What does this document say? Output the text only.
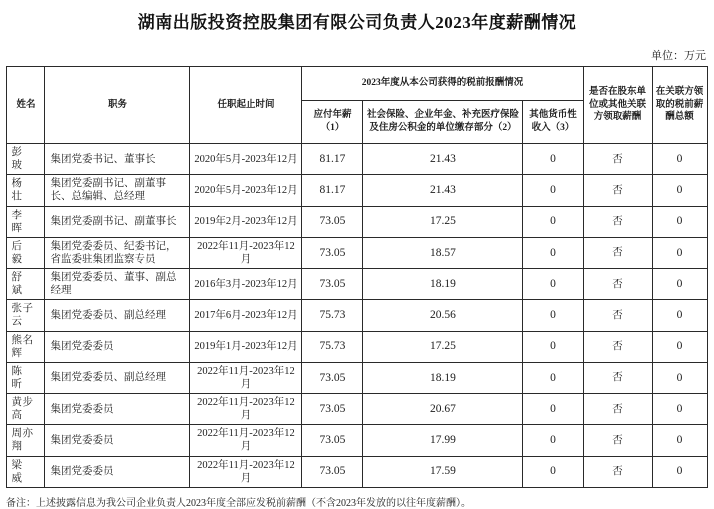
湖南出版投资控股集团有限公司负责人2023年度薪酬情况
单位：万元
姓名	职务	任职起止时间	2023年度从本公司获得的税前报酬情况			是否在股东单位或其他关联方领取薪酬	在关联方领取的税前薪酬总额
			应付年薪（1）	社会保险、企业年金、补充医疗保险及住房公积金的单位缴存部分（2）	其他货币性收入（3）		
彭　玻	集团党委书记、董事长	2020年5月-2023年12月	81.17	21.43	0	否	0
杨　壮	集团党委副书记、副董事长、总编辑、总经理	2020年5月-2023年12月	81.17	21.43	0	否	0
李　晖	集团党委副书记、副董事长	2019年2月-2023年12月	73.05	17.25	0	否	0
后　毅	集团党委委员、纪委书记，省监委驻集团监察专员	2022年11月-2023年12月	73.05	18.57	0	否	0
舒　斌	集团党委委员、董事、副总经理	2016年3月-2023年12月	73.05	18.19	0	否	0
张子云	集团党委委员、副总经理	2017年6月-2023年12月	75.73	20.56	0	否	0
熊名辉	集团党委委员	2019年1月-2023年12月	75.73	17.25	0	否	0
陈　昕	集团党委委员、副总经理	2022年11月-2023年12月	73.05	18.19	0	否	0
黄步高	集团党委委员	2022年11月-2023年12月	73.05	20.67	0	否	0
周亦翔	集团党委委员	2022年11月-2023年12月	73.05	17.99	0	否	0
梁　威	集团党委委员	2022年11月-2023年12月	73.05	17.59	0	否	0
备注：上述披露信息为我公司企业负责人2023年度全部应发税前薪酬（不含2023年发放的以往年度薪酬）。
